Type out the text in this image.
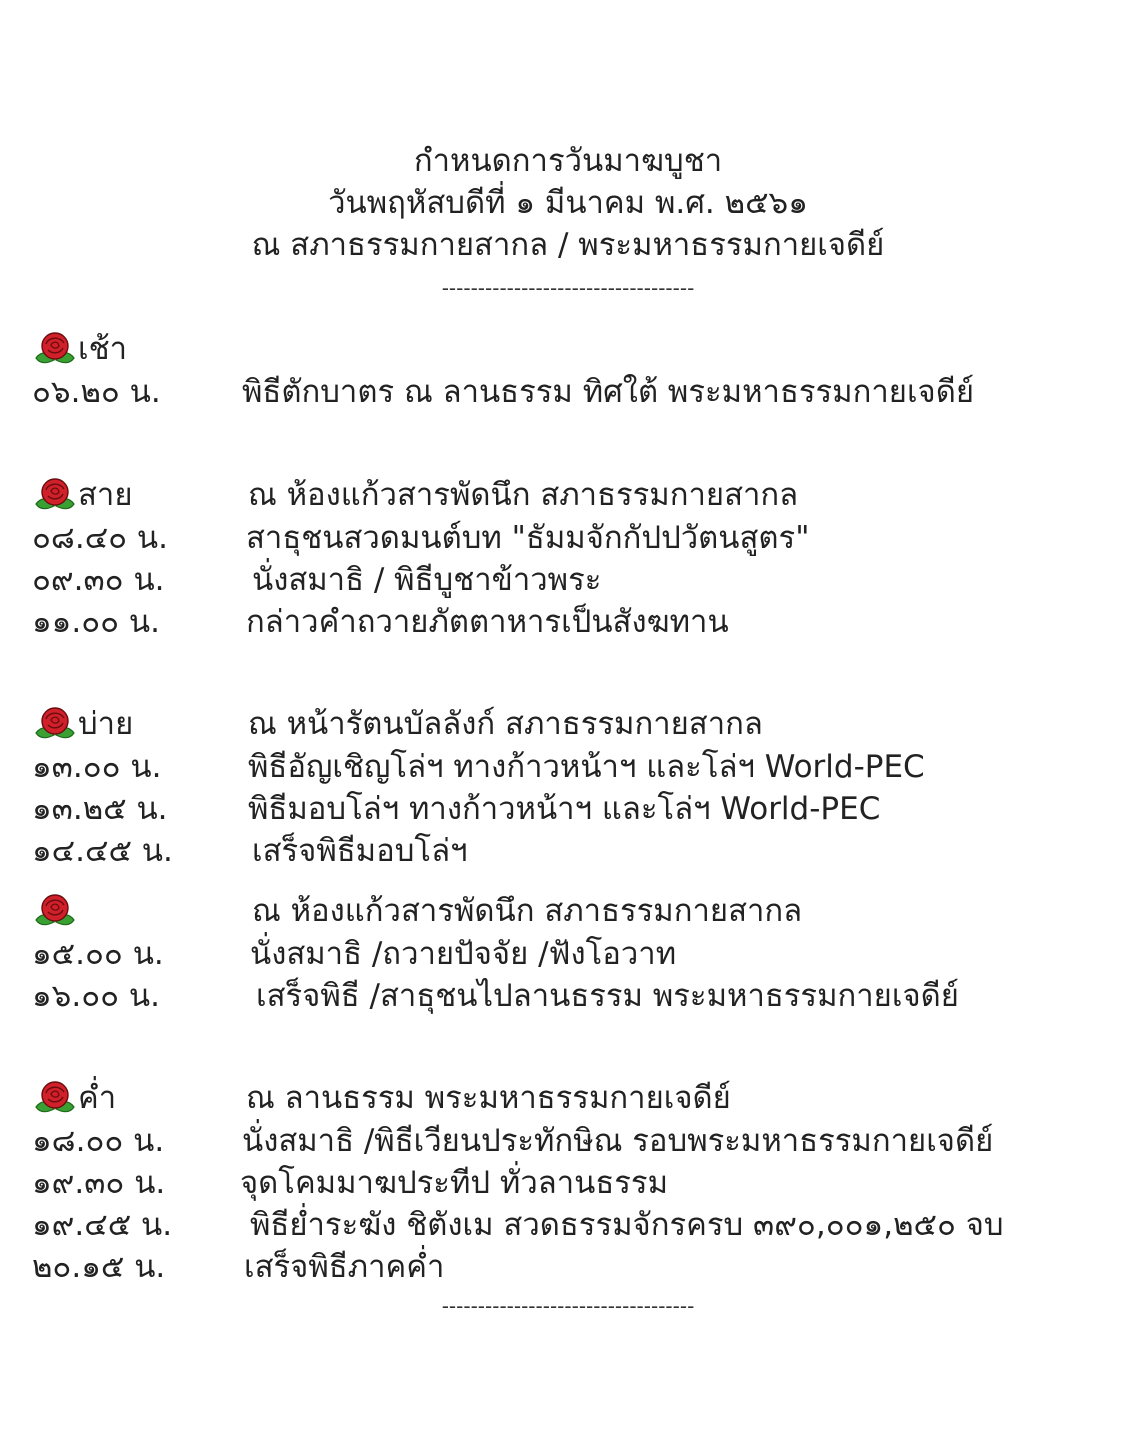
กำหนดการวันมาฆบูชา
วันพฤหัสบดีที่ ๑ มีนาคม พ.ศ. ๒๕๖๑
ณ สภาธรรมกายสากล / พระมหาธรรมกายเจดีย์
-----------------------------------
เช้า
๐๖.๒๐ น.	พิธีตักบาตร ณ ลานธรรม ทิศใต้ พระมหาธรรมกายเจดีย์
สาย	ณ ห้องแก้วสารพัดนึก สภาธรรมกายสากล
๐๘.๔๐ น.	สาธุชนสวดมนต์บท "ธัมมจักกัปปวัตนสูตร"
๐๙.๓๐ น.	นั่งสมาธิ / พิธีบูชาข้าวพระ
๑๑.๐๐ น.	กล่าวคำถวายภัตตาหารเป็นสังฆทาน
บ่าย	ณ หน้ารัตนบัลลังก์ สภาธรรมกายสากล
๑๓.๐๐ น.	พิธีอัญเชิญโล่ฯ ทางก้าวหน้าฯ และโล่ฯ World-PEC
๑๓.๒๕ น.	พิธีมอบโล่ฯ ทางก้าวหน้าฯ และโล่ฯ World-PEC
๑๔.๔๕ น.	เสร็จพิธีมอบโล่ฯ
ณ ห้องแก้วสารพัดนึก สภาธรรมกายสากล
๑๕.๐๐ น.	นั่งสมาธิ /ถวายปัจจัย /ฟังโอวาท
๑๖.๐๐ น.	เสร็จพิธี /สาธุชนไปลานธรรม พระมหาธรรมกายเจดีย์
ค่ำ	ณ ลานธรรม พระมหาธรรมกายเจดีย์
๑๘.๐๐ น.	นั่งสมาธิ /พิธีเวียนประทักษิณ รอบพระมหาธรรมกายเจดีย์
๑๙.๓๐ น. จุดโคมมาฆประทีป ทั่วลานธรรม
๑๙.๔๕ น.	พิธีย่ำระฆัง ชิตังเม สวดธรรมจักรครบ ๓๙๐,๐๐๑,๒๕๐ จบ
๒๐.๑๕ น.	เสร็จพิธีภาคค่ำ
-----------------------------------
